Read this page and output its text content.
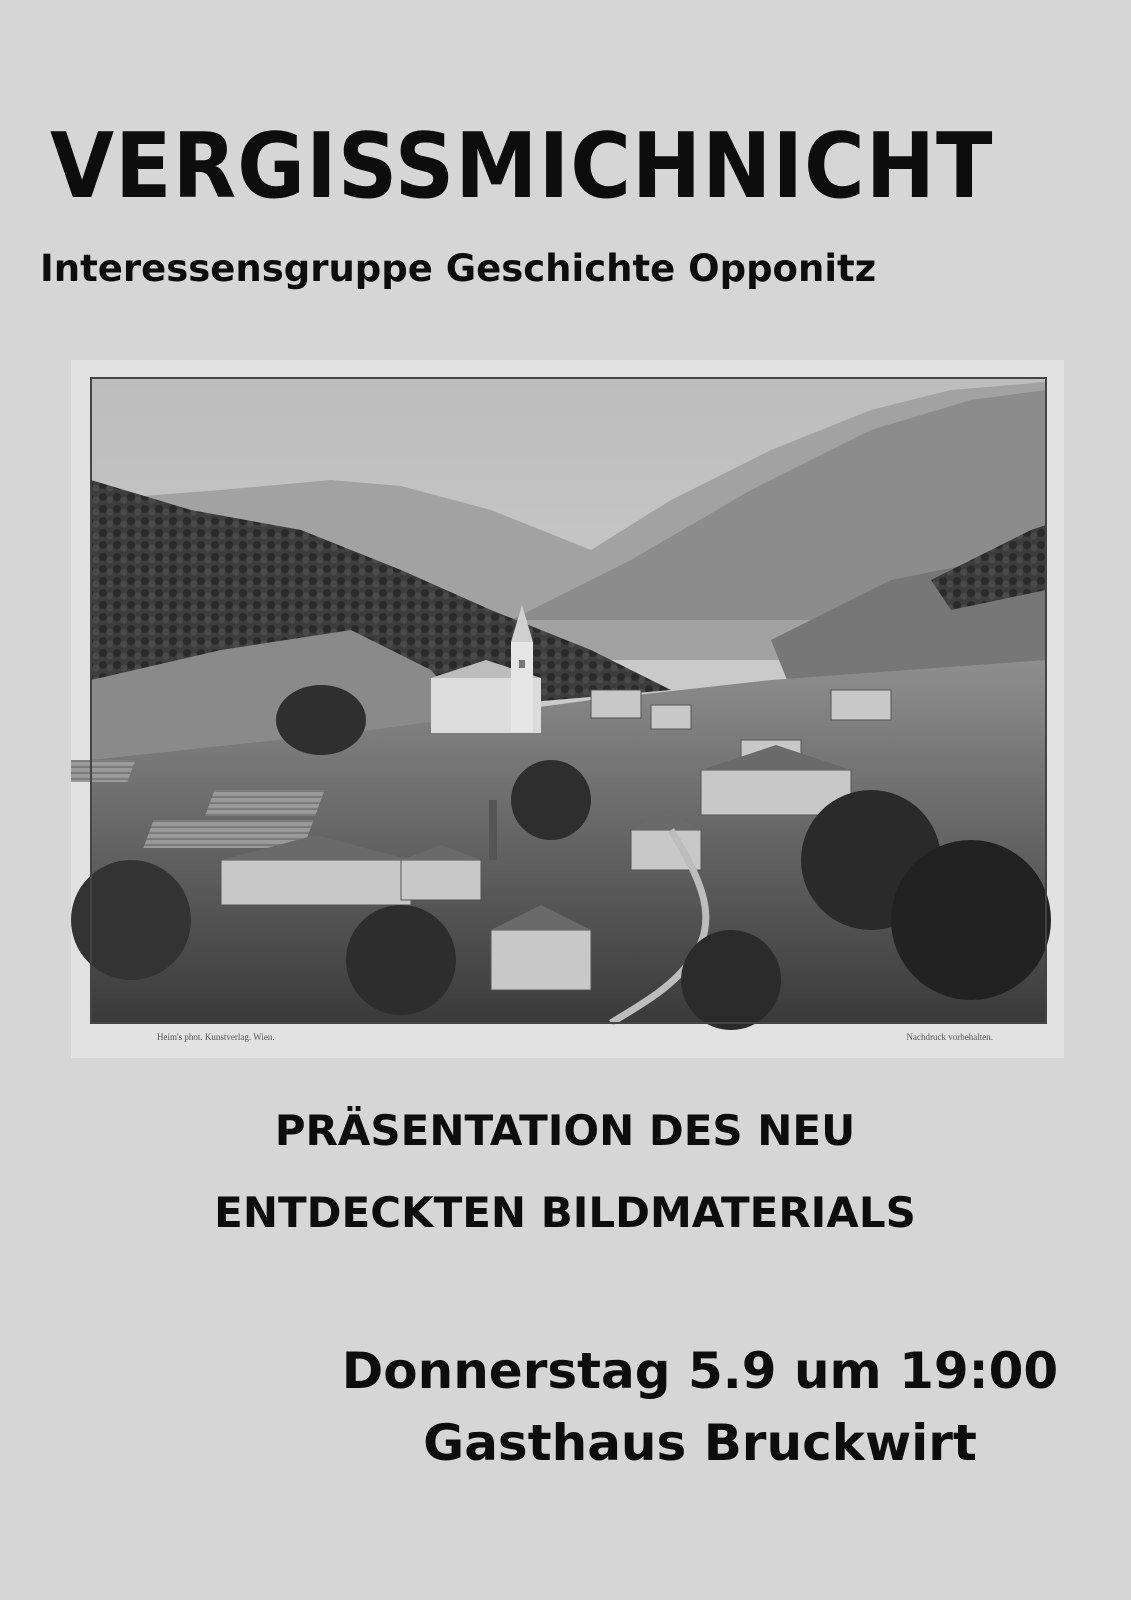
VERGISSMICHNICHT
Interessensgruppe Geschichte Opponitz
Heim's phot. Kunstverlag. Wien.	Nachdruck vorbehalten.
PRÄSENTATION DES NEU
ENTDECKTEN BILDMATERIALS
Donnerstag 5.9 um 19:00
Gasthaus Bruckwirt
